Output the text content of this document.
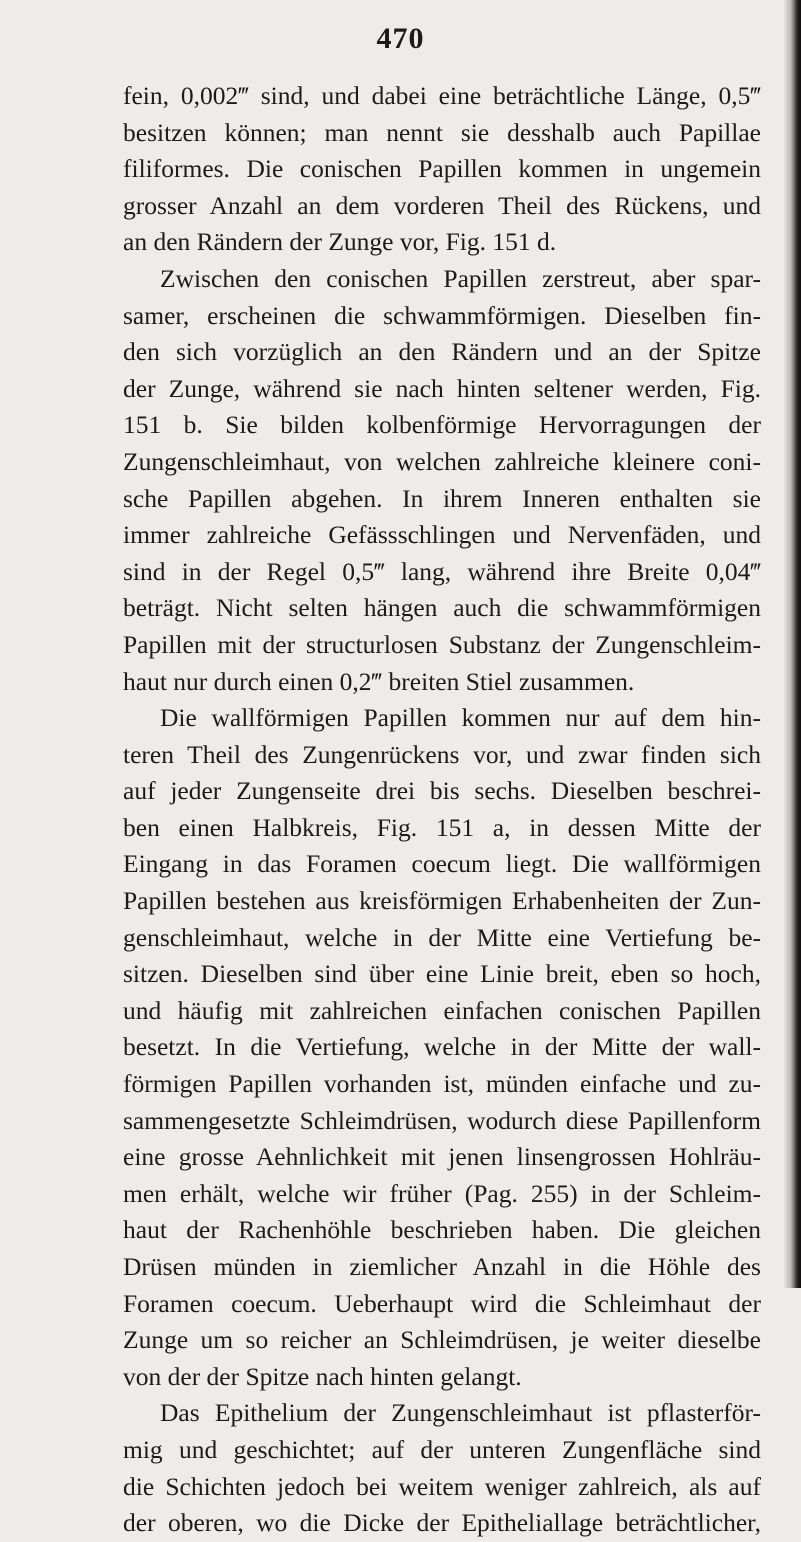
470
fein, 0,002‴ sind, und dabei eine beträchtliche Länge, 0,5‴
besitzen können; man nennt sie desshalb auch Papillae
filiformes. Die conischen Papillen kommen in ungemein
grosser Anzahl an dem vorderen Theil des Rückens, und
an den Rändern der Zunge vor, Fig. 151 d.
Zwischen den conischen Papillen zerstreut, aber spar-
samer, erscheinen die schwammförmigen. Dieselben fin-
den sich vorzüglich an den Rändern und an der Spitze
der Zunge, während sie nach hinten seltener werden, Fig.
151 b. Sie bilden kolbenförmige Hervorragungen der
Zungenschleimhaut, von welchen zahlreiche kleinere coni-
sche Papillen abgehen. In ihrem Inneren enthalten sie
immer zahlreiche Gefässschlingen und Nervenfäden, und
sind in der Regel 0,5‴ lang, während ihre Breite 0,04‴
beträgt. Nicht selten hängen auch die schwammförmigen
Papillen mit der structurlosen Substanz der Zungenschleim-
haut nur durch einen 0,2‴ breiten Stiel zusammen.
Die wallförmigen Papillen kommen nur auf dem hin-
teren Theil des Zungenrückens vor, und zwar finden sich
auf jeder Zungenseite drei bis sechs. Dieselben beschrei-
ben einen Halbkreis, Fig. 151 a, in dessen Mitte der
Eingang in das Foramen coecum liegt. Die wallförmigen
Papillen bestehen aus kreisförmigen Erhabenheiten der Zun-
genschleimhaut, welche in der Mitte eine Vertiefung be-
sitzen. Dieselben sind über eine Linie breit, eben so hoch,
und häufig mit zahlreichen einfachen conischen Papillen
besetzt. In die Vertiefung, welche in der Mitte der wall-
förmigen Papillen vorhanden ist, münden einfache und zu-
sammengesetzte Schleimdrüsen, wodurch diese Papillenform
eine grosse Aehnlichkeit mit jenen linsengrossen Hohlräu-
men erhält, welche wir früher (Pag. 255) in der Schleim-
haut der Rachenhöhle beschrieben haben. Die gleichen
Drüsen münden in ziemlicher Anzahl in die Höhle des
Foramen coecum. Ueberhaupt wird die Schleimhaut der
Zunge um so reicher an Schleimdrüsen, je weiter dieselbe
von der der Spitze nach hinten gelangt.
Das Epithelium der Zungenschleimhaut ist pflasterför-
mig und geschichtet; auf der unteren Zungenfläche sind
die Schichten jedoch bei weitem weniger zahlreich, als auf
der oberen, wo die Dicke der Epitheliallage beträchtlicher,
